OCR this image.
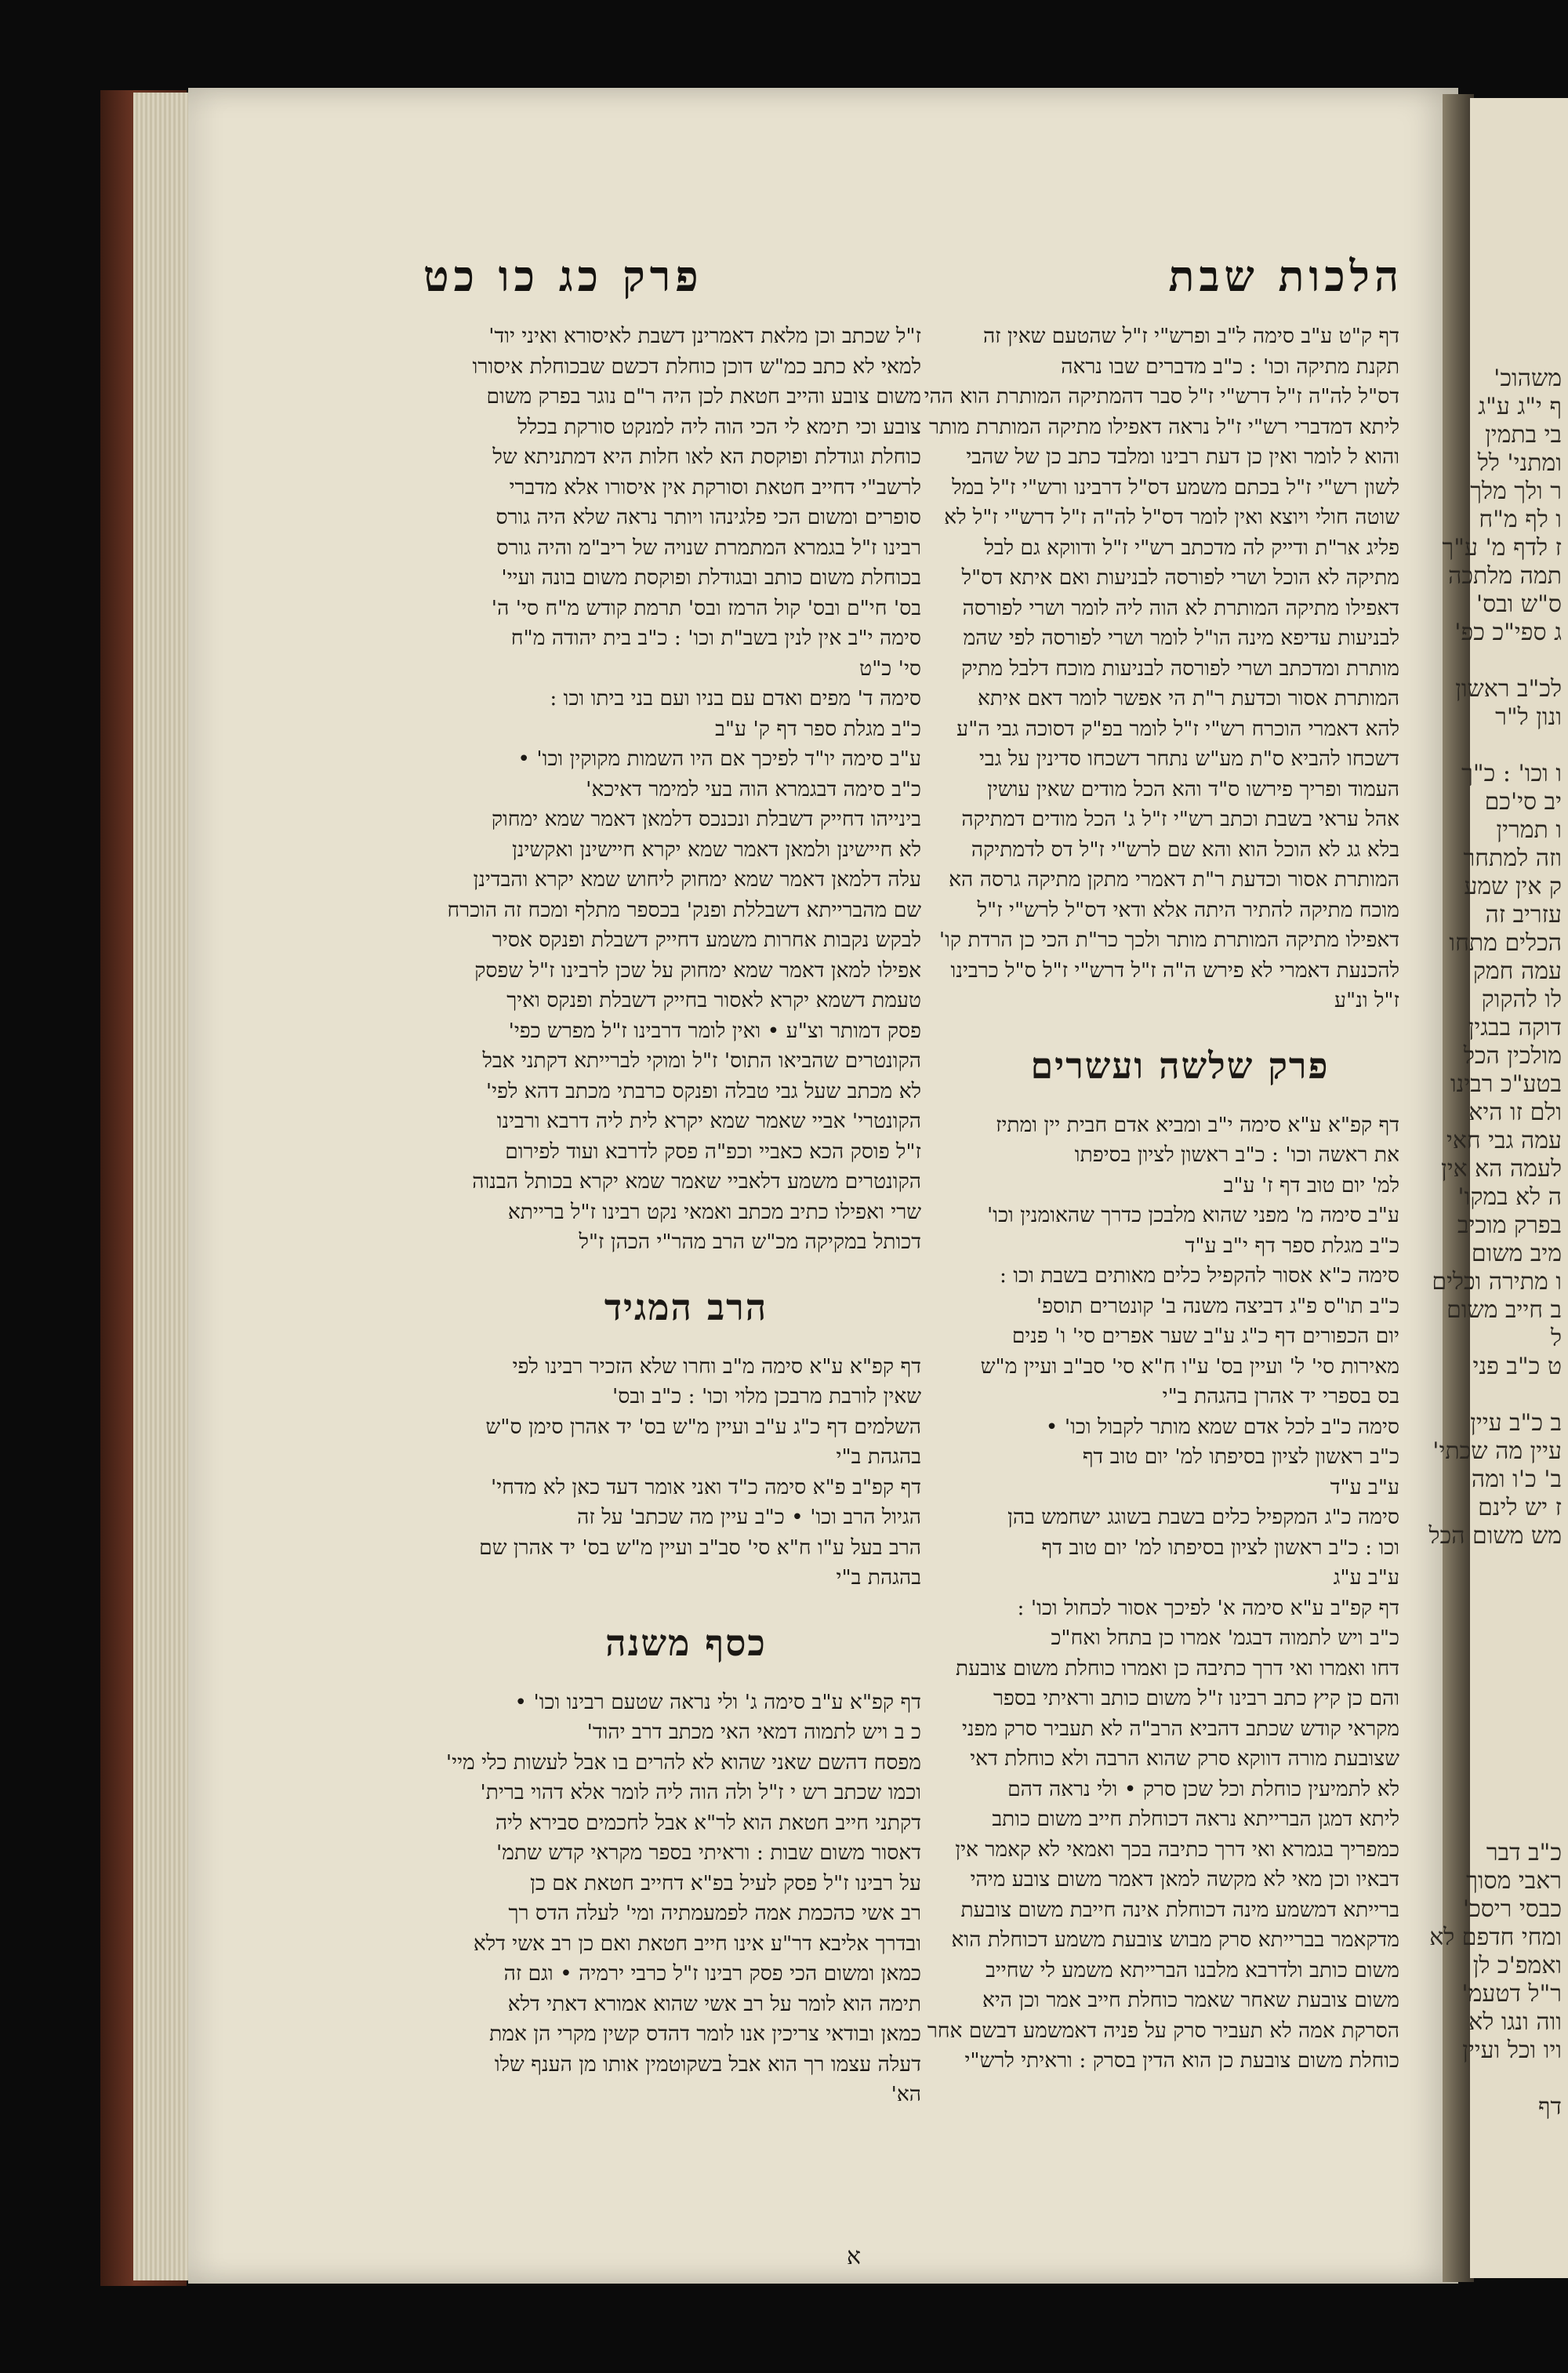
משהוכ'

ף י"ג ע"ג

בי בתמין

ומתני' לל

ר ולך מלך

ו לף מ"ח

ז לדף מ' ע"ך

תמה מלתכה

ס"ש ובס'

ג ספי"כ כפ'

לכ"ב ראשון

ונון ל"ר

ו וכו' : כ"ך

יב סי'כם

ו תמרין

וזה למתחר

ק אין שמע

עזריב זה

הכלים מתחו

עמה חמק

לו להקוק

דוקה בבגין

מולכין הכל

בטע"כ רבינו

ולם זו היא

עמה גבי חאי

לעמה הא אין

ה לא במקו'

בפרק מוכיב

מיב משום

ו מתירה וכלים

ב חייב משום

ל

ט כ"ב פני

ב כ"ב עיין

עיין מה שכתי'

ב' כ'ו ומה

ז יש לינם

מש משום הכל

כ"ב דבר

ראבי מסוך

כבסי ריסכ'

ומחי חדפם לא

ואמפ'כ לן

ר"ל דטעמ'

ווה ונגו לא

ויו וכל ועיין

דף

הלכות שבת
פרק כג כו כט
דף ק"ט ע"ב סימה ל"ב ופרש"י ז"ל שהטעם שאין זה
תקנת מתיקה וכו' : כ"ב מדברים שבו נראה
דס"ל לה"ה ז"ל דרש"י ז"ל סבר דהמתיקה המותרת הוא ההי
ליתא דמדברי רש"י ז"ל נראה דאפילו מתיקה המותרת מותר
והוא ל לומר ואין כן דעת רבינו ומלבד כתב כן של שהבי
לשון רש"י ז"ל בכתם משמע דס"ל דרבינו ורש"י ז"ל במל
שוטה חולי ויוצא ואין לומר דס"ל לה"ה ז"ל דרש"י ז"ל לא
פליג אר"ת ודייק לה מדכתב רש"י ז"ל ודווקא גם לבל
מתיקה לא הוכל ושרי לפורסה לבניעות ואם איתא דס"ל
דאפילו מתיקה המותרת לא הוה ליה לומר ושרי לפורסה
לבניעות עדיפא מינה הו"ל לומר ושרי לפורסה לפי שהמ
מותרת ומדכתב ושרי לפורסה לבניעות מוכח דלבל מתיק
המותרת אסור וכדעת ר"ת הי אפשר לומר דאם איתא
להא דאמרי הוכרח רש"י ז"ל לומר בפ"ק דסוכה גבי ה"ע
דשכחו להביא ס"ת מע"ש נתחר דשכחו סדינין על גבי
העמוד ופריך פירשו ס"ד והא הכל מודים שאין עושין
אהל עראי בשבת וכתב רש"י ז"ל ג' הכל מודים דמתיקה
בלא גג לא הוכל הוא והא שם לרש"י ז"ל דס לדמתיקה
המותרת אסור וכדעת ר"ת דאמרי מתקן מתיקה גרסה הא
מוכח מתיקה להתיר היתה אלא ודאי דס"ל לרש"י ז"ל
דאפילו מתיקה המותרת מותר ולכך כר"ת הכי כן הרדת קו'
להכנעת דאמרי לא פירש ה"ה ז"ל דרש"י ז"ל ס"ל כרבינו
ז"ל ונ"ע
פרק שלשה ועשרים
דף קפ"א ע"א סימה י"ב ומביא אדם חבית יין ומתיז
את ראשה וכו' : כ"ב ראשון לציון בסיפתו
למ' יום טוב דף ז' ע"ב
ע"ב סימה מ' מפני שהוא מלבכן כדרך שהאומנין וכו'
כ"ב מגלת ספר דף י"ב ע"ד
סימה כ"א אסור להקפיל כלים מאותים בשבת וכו :
כ"ב תו"ס פ"ג דביצה משנה ב' קונטרים תוספ'
יום הכפורים דף כ"ג ע"ב שער אפרים סי' ו' פנים
מאירות סי' ל' ועיין בס' ע"ו ח"א סי' סב"ב ועיין מ"ש
בס בספרי יד אהרן בהגהת ב"י
סימה כ"ב לכל אדם שמא מותר לקבול וכו' •
כ"ב ראשון לציון בסיפתו למ' יום טוב דף
ע"ב ע"ד
סימה כ"ג המקפיל כלים בשבת בשוגג ישחמש בהן
וכו : כ"ב ראשון לציון בסיפתו למ' יום טוב דף
ע"ב ע"ג
דף קפ"ב ע"א סימה א' לפיכך אסור לכחול וכו' :
כ"ב ויש לתמוה דבגמ' אמרו כן בתחל ואח"כ
דחו ואמרו ואי דרך כתיבה כן ואמרו כוחלת משום צובעת
והם כן קיץ כתב רבינו ז"ל משום כותב וראיתי בספר
מקראי קודש שכתב דהביא הרב"ה לא תעביר סרק מפני
שצובעת מורה דווקא סרק שהוא הרבה ולא כוחלת דאי
לא לתמיעין כוחלת וכל שכן סרק • ולי נראה דהם
ליתא דמגן הברייתא נראה דכוחלת חייב משום כותב
כמפריך בגמרא ואי דרך כתיבה בכך ואמאי לא קאמר אין
דבאיו וכן מאי לא מקשה למאן דאמר משום צובע מיהי
ברייתא דמשמע מינה דכוחלת אינה חייבת משום צובעת
מדקאמר בברייתא סרק מבוש צובעת משמע דכוחלת הוא
משום כותב ולדרבא מלבנו הברייתא משמע לי שחייב
משום צובעת שאחר שאמר כוחלת חייב אמר וכן היא
הסרקת אמה לא תעביר סרק על פניה דאמשמע דבשם אחר
כוחלת משום צובעת כן הוא הדין בסרק : וראיתי לרש"י
ז"ל שכתב וכן מלאת דאמרינן דשבת לאיסורא ואיני יוד'
למאי לא כתב כמ"ש דוכן כוחלת דכשם שבכוחלת איסורו
משום צובע והייב חטאת לכן היה ר"ם נוגר בפרק משום
צובע וכי תימא לי הכי הוה ליה למנקט סורקת בכלל
כוחלת וגודלת ופוקסת הא לאו חלות היא דמתניתא של
לרשב"י דחייב חטאת וסורקת אין איסורו אלא מדברי
סופרים ומשום הכי פלגינהו ויותר נראה שלא היה גורס
רבינו ז"ל בגמרא המתמרת שנויה של ריב"מ והיה גורס
בכוחלת משום כותב ובגודלת ופוקסת משום בונה ועיי'
בס' חי"ם ובס' קול הרמז ובס' תרמת קודש מ"ח סי' ה'
סימה י"ב אין לנין בשב"ת וכו' : כ"ב בית יהודה מ"ח
סי' כ"ט
סימה ד' מפים ואדם עם בניו ועם בני ביתו וכו :
כ"ב מגלת ספר דף ק' ע"ב
ע"ב סימה יו"ד לפיכך אם היו השמות מקוקין וכו' •
כ"ב סימה דבגמרא הוה בעי למימר דאיכא'
בינייהו דחייק דשבלת ונכנכס דלמאן דאמר שמא ימחוק
לא חיישינן ולמאן דאמר שמא יקרא חיישינן ואקשינן
עלה דלמאן דאמר שמא ימחוק ליחוש שמא יקרא והבדינן
שם מהברייתא דשבללת ופנק' בכספר מתלף ומכח זה הוכרח
לבקש נקבות אחרות משמע דחייק דשבלת ופנקס אסיר
אפילו למאן דאמר שמא ימחוק על שכן לרבינו ז"ל שפסק
טעמת דשמא יקרא לאסור בחייק דשבלת ופנקס ואיך
פסק דמותר וצ"ע • ואין לומר דרבינו ז"ל מפרש כפי'
הקונטרים שהביאו התוס' ז"ל ומוקי לברייתא דקתני אבל
לא מכתב שעל גבי טבלה ופנקס כרבתי מכתב דהא לפי'
הקונטרי' אביי שאמר שמא יקרא לית ליה דרבא ורבינו
ז"ל פוסק הכא כאביי וכפ"ה פסק לדרבא ועוד לפירום
הקונטרים משמע דלאביי שאמר שמא יקרא בכותל הבנוה
שרי ואפילו כתיב מכתב ואמאי נקט רבינו ז"ל ברייתא
דכותל במקיקה מכ"ש הרב מהר"י הכהן ז"ל
הרב המגיד
דף קפ"א ע"א סימה מ"ב וחרו שלא הזכיר רבינו לפי
שאין לורבת מרבכן מלוי וכו' : כ"ב ובס'
השלמים דף כ"ג ע"ב ועיין מ"ש בס' יד אהרן סימן ס"ש
בהגהת ב"י
דף קפ"ב פ"א סימה כ"ד ואני אומר דעד כאן לא מדחי'
הגיול הרב וכו' • כ"ב עיין מה שכתב' על זה
הרב בעל ע"ו ח"א סי' סב"ב ועיין מ"ש בס' יד אהרן שם
בהגהת ב"י
כסף משנה
דף קפ"א ע"ב סימה ג' ולי נראה שטעם רבינו וכו' •
כ ב ויש לתמוה דמאי האי מכתב דרב יהוד'
מפסח דהשם שאני שהוא לא להרים בו אבל לעשות כלי מיי'
וכמו שכתב רש י ז"ל ולה הוה ליה לומר אלא דהוי ברית'
דקתני חייב חטאת הוא לר"א אבל לחכמים סבירא ליה
דאסור משום שבות : וראיתי בספר מקראי קדש שתמ'
על רבינו ז"ל פסק לעיל בפ"א דחייב חטאת אם כן
רב אשי כהכמת אמה לפמעמתיה ומי' לעלה הדס רך
ובדרך אליבא דר"ע אינו חייב חטאת ואם כן רב אשי דלא
כמאן ומשום הכי פסק רבינו ז"ל כרבי ירמיה • וגם זה
תימה הוא לומר על רב אשי שהוא אמורא דאתי דלא
כמאן ובודאי צריכין אנו לומר דהדס קשין מקרי הן אמת
דעלה עצמו רך הוא אבל בשקוטמין אותו מן הענף שלו
הא'
א
